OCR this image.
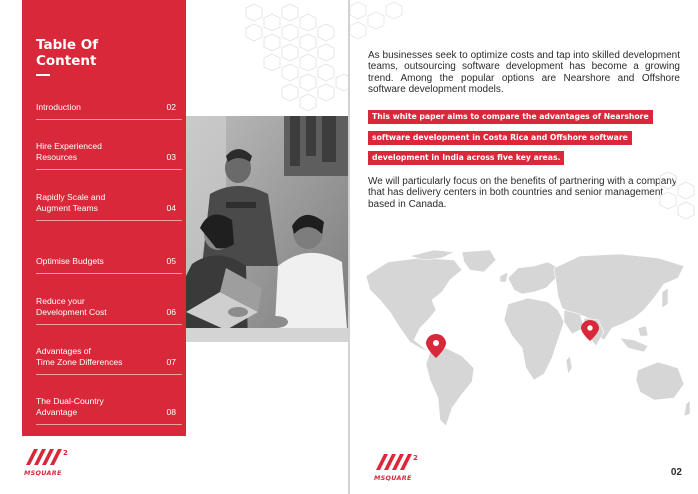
Table Of
Content
Introduction	02
Hire Experienced
Resources	03
Rapidly Scale and
Augment Teams	04
Optimise Budgets	05
Reduce your
Development Cost	06
Advantages of
Time Zone Differences	07
The Dual-Country
Advantage	08
2
MSQUARE
As businesses seek to optimize costs and tap into skilled development teams, outsourcing software development has become a growing trend. Among the popular options are Nearshore and Offshore software development models.
This white paper aims to compare the advantages of Nearshore
software development in Costa Rica and Offshore software
development in India across five key areas.
We will particularly focus on the benefits of partnering with a company that has delivery centers in both countries and senior management based in Canada.
2
MSQUARE	02
